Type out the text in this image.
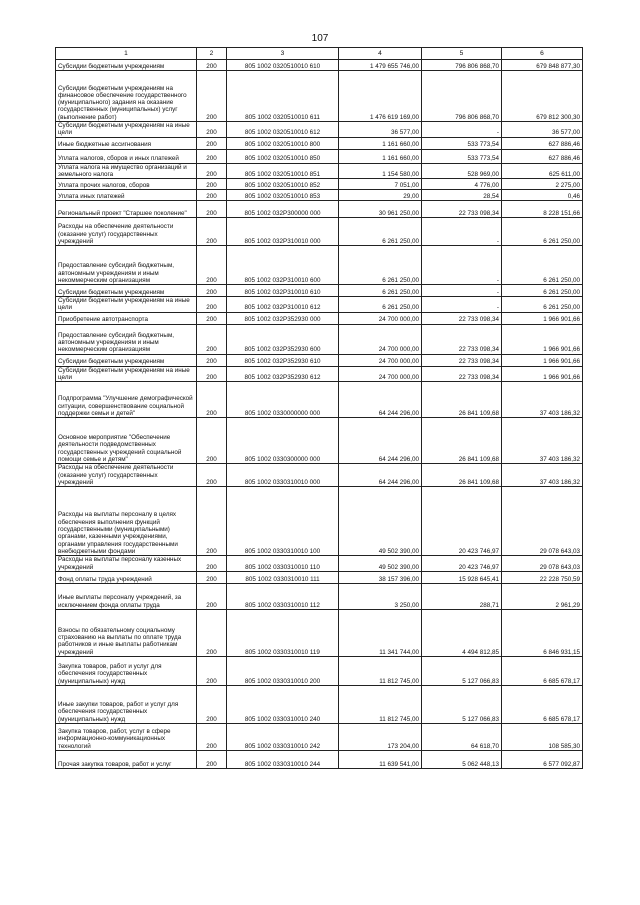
107
1	2	3	4	5	6
Субсидии бюджетным учреждениям	200	805 1002 0320510010 610	1 479 655 746,00	796 806 868,70	679 848 877,30
Субсидии бюджетным учреждениям на финансовое обеспечение государственного (муниципального) задания на оказание государственных (муниципальных) услуг (выполнение работ)	200	805 1002 0320510010 611	1 476 619 169,00	796 806 868,70	679 812 300,30
Субсидии бюджетным учреждениям на иные цели	200	805 1002 0320510010 612	36 577,00	-	36 577,00
Иные бюджетные ассигнования	200	805 1002 0320510010 800	1 161 660,00	533 773,54	627 886,46
Уплата налогов, сборов и иных платежей	200	805 1002 0320510010 850	1 161 660,00	533 773,54	627 886,46
Уплата налога на имущество организаций и земельного налога	200	805 1002 0320510010 851	1 154 580,00	528 969,00	625 611,00
Уплата прочих налогов, сборов	200	805 1002 0320510010 852	7 051,00	4 776,00	2 275,00
Уплата иных платежей	200	805 1002 0320510010 853	29,00	28,54	0,46
Региональный проект "Старшее поколение"	200	805 1002 032P300000 000	30 961 250,00	22 733 098,34	8 228 151,66
Расходы на обеспечение деятельности (оказание услуг) государственных учреждений	200	805 1002 032P310010 000	6 261 250,00	-	6 261 250,00
Предоставление субсидий бюджетным, автономным учреждениям и иным некоммерческим организациям	200	805 1002 032P310010 600	6 261 250,00	-	6 261 250,00
Субсидии бюджетным учреждениям	200	805 1002 032P310010 610	6 261 250,00	-	6 261 250,00
Субсидии бюджетным учреждениям на иные цели	200	805 1002 032P310010 612	6 261 250,00	-	6 261 250,00
Приобретение автотранспорта	200	805 1002 032P352930 000	24 700 000,00	22 733 098,34	1 966 901,66
Предоставление субсидий бюджетным, автономным учреждениям и иным некоммерческим организациям	200	805 1002 032P352930 600	24 700 000,00	22 733 098,34	1 966 901,66
Субсидии бюджетным учреждениям	200	805 1002 032P352930 610	24 700 000,00	22 733 098,34	1 966 901,66
Субсидии бюджетным учреждениям на иные цели	200	805 1002 032P352930 612	24 700 000,00	22 733 098,34	1 966 901,66
Подпрограмма "Улучшение демографической ситуации, совершенствование социальной поддержки семьи и детей"	200	805 1002 0330000000 000	64 244 296,00	26 841 109,68	37 403 186,32
Основное мероприятие "Обеспечение деятельности подведомственных государственных учреждений социальной помощи семье и детям"	200	805 1002 0330300000 000	64 244 296,00	26 841 109,68	37 403 186,32
Расходы на обеспечение деятельности (оказание услуг) государственных учреждений	200	805 1002 0330310010 000	64 244 296,00	26 841 109,68	37 403 186,32
Расходы на выплаты персоналу в целях обеспечения выполнения функций государственными (муниципальными) органами, казенными учреждениями, органами управления государственными внебюджетными фондами	200	805 1002 0330310010 100	49 502 390,00	20 423 746,97	29 078 643,03
Расходы на выплаты персоналу казенных учреждений	200	805 1002 0330310010 110	49 502 390,00	20 423 746,97	29 078 643,03
Фонд оплаты труда учреждений	200	805 1002 0330310010 111	38 157 396,00	15 928 645,41	22 228 750,59
Иные выплаты персоналу учреждений, за исключением фонда оплаты труда	200	805 1002 0330310010 112	3 250,00	288,71	2 961,29
Взносы по обязательному социальному страхованию на выплаты по оплате труда работников и иные выплаты работникам учреждений	200	805 1002 0330310010 119	11 341 744,00	4 494 812,85	6 846 931,15
Закупка товаров, работ и услуг для обеспечения государственных (муниципальных) нужд	200	805 1002 0330310010 200	11 812 745,00	5 127 066,83	6 685 678,17
Иные закупки товаров, работ и услуг для обеспечения государственных (муниципальных) нужд	200	805 1002 0330310010 240	11 812 745,00	5 127 066,83	6 685 678,17
Закупка товаров, работ, услуг в сфере информационно-коммуникационных технологий	200	805 1002 0330310010 242	173 204,00	64 618,70	108 585,30
Прочая закупка товаров, работ и услуг	200	805 1002 0330310010 244	11 639 541,00	5 062 448,13	6 577 092,87
